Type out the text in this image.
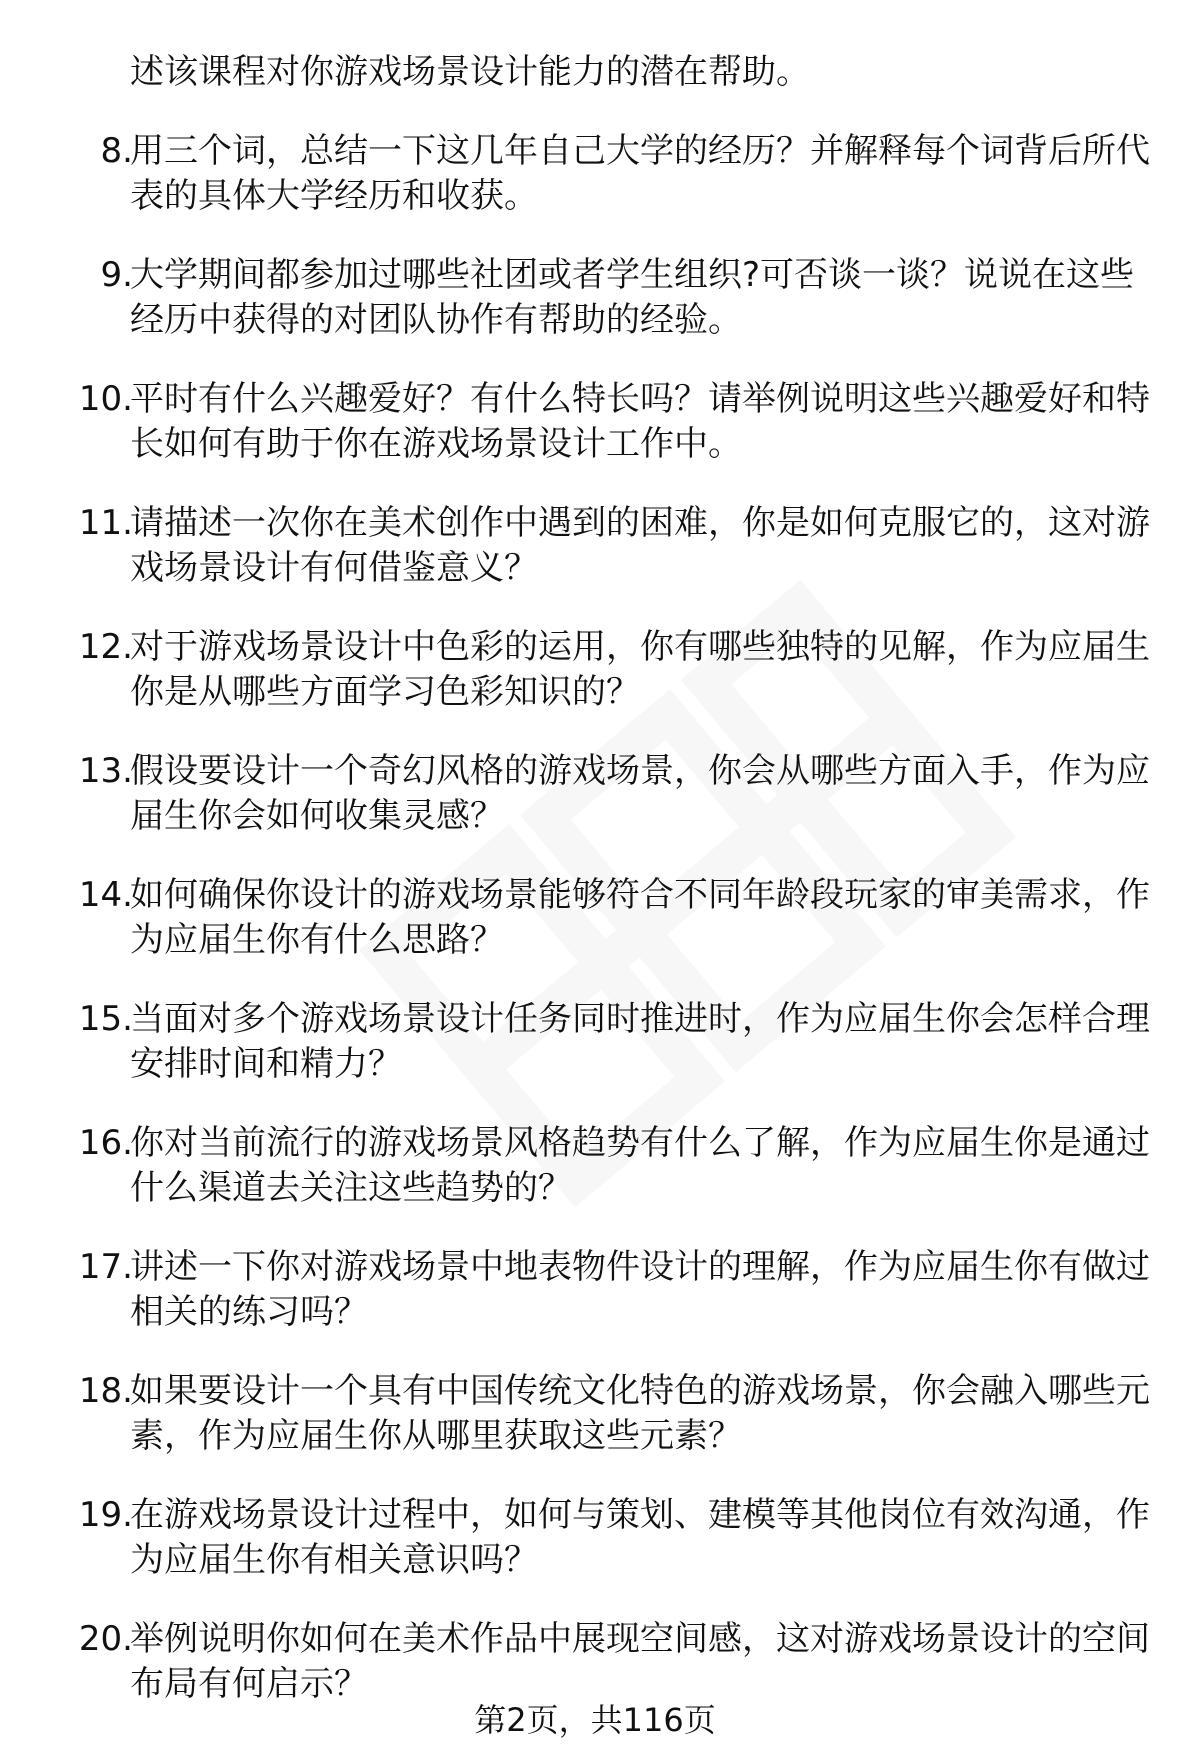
述该课程对你游戏场景设计能力的潜在帮助。

8.
用三个词，总结一下这几年自己大学的经历？并解释每个词背后所代表的具体大学经历和收获。
9.
大学期间都参加过哪些社团或者学生组织?可否谈一谈？说说在这些经历中获得的对团队协作有帮助的经验。
10.
平时有什么兴趣爱好？有什么特长吗？请举例说明这些兴趣爱好和特长如何有助于你在游戏场景设计工作中。
11.
请描述一次你在美术创作中遇到的困难，你是如何克服它的，这对游戏场景设计有何借鉴意义？
12.
对于游戏场景设计中色彩的运用，你有哪些独特的见解，作为应届生你是从哪些方面学习色彩知识的？
13.
假设要设计一个奇幻风格的游戏场景，你会从哪些方面入手，作为应届生你会如何收集灵感？
14.
如何确保你设计的游戏场景能够符合不同年龄段玩家的审美需求，作为应届生你有什么思路？
15.
当面对多个游戏场景设计任务同时推进时，作为应届生你会怎样合理安排时间和精力？
16.
你对当前流行的游戏场景风格趋势有什么了解，作为应届生你是通过什么渠道去关注这些趋势的？
17.
讲述一下你对游戏场景中地表物件设计的理解，作为应届生你有做过相关的练习吗？
18.
如果要设计一个具有中国传统文化特色的游戏场景，你会融入哪些元素，作为应届生你从哪里获取这些元素？
19.
在游戏场景设计过程中，如何与策划、建模等其他岗位有效沟通，作为应届生你有相关意识吗？
20.
举例说明你如何在美术作品中展现空间感，这对游戏场景设计的空间布局有何启示？
第2页，共116页
